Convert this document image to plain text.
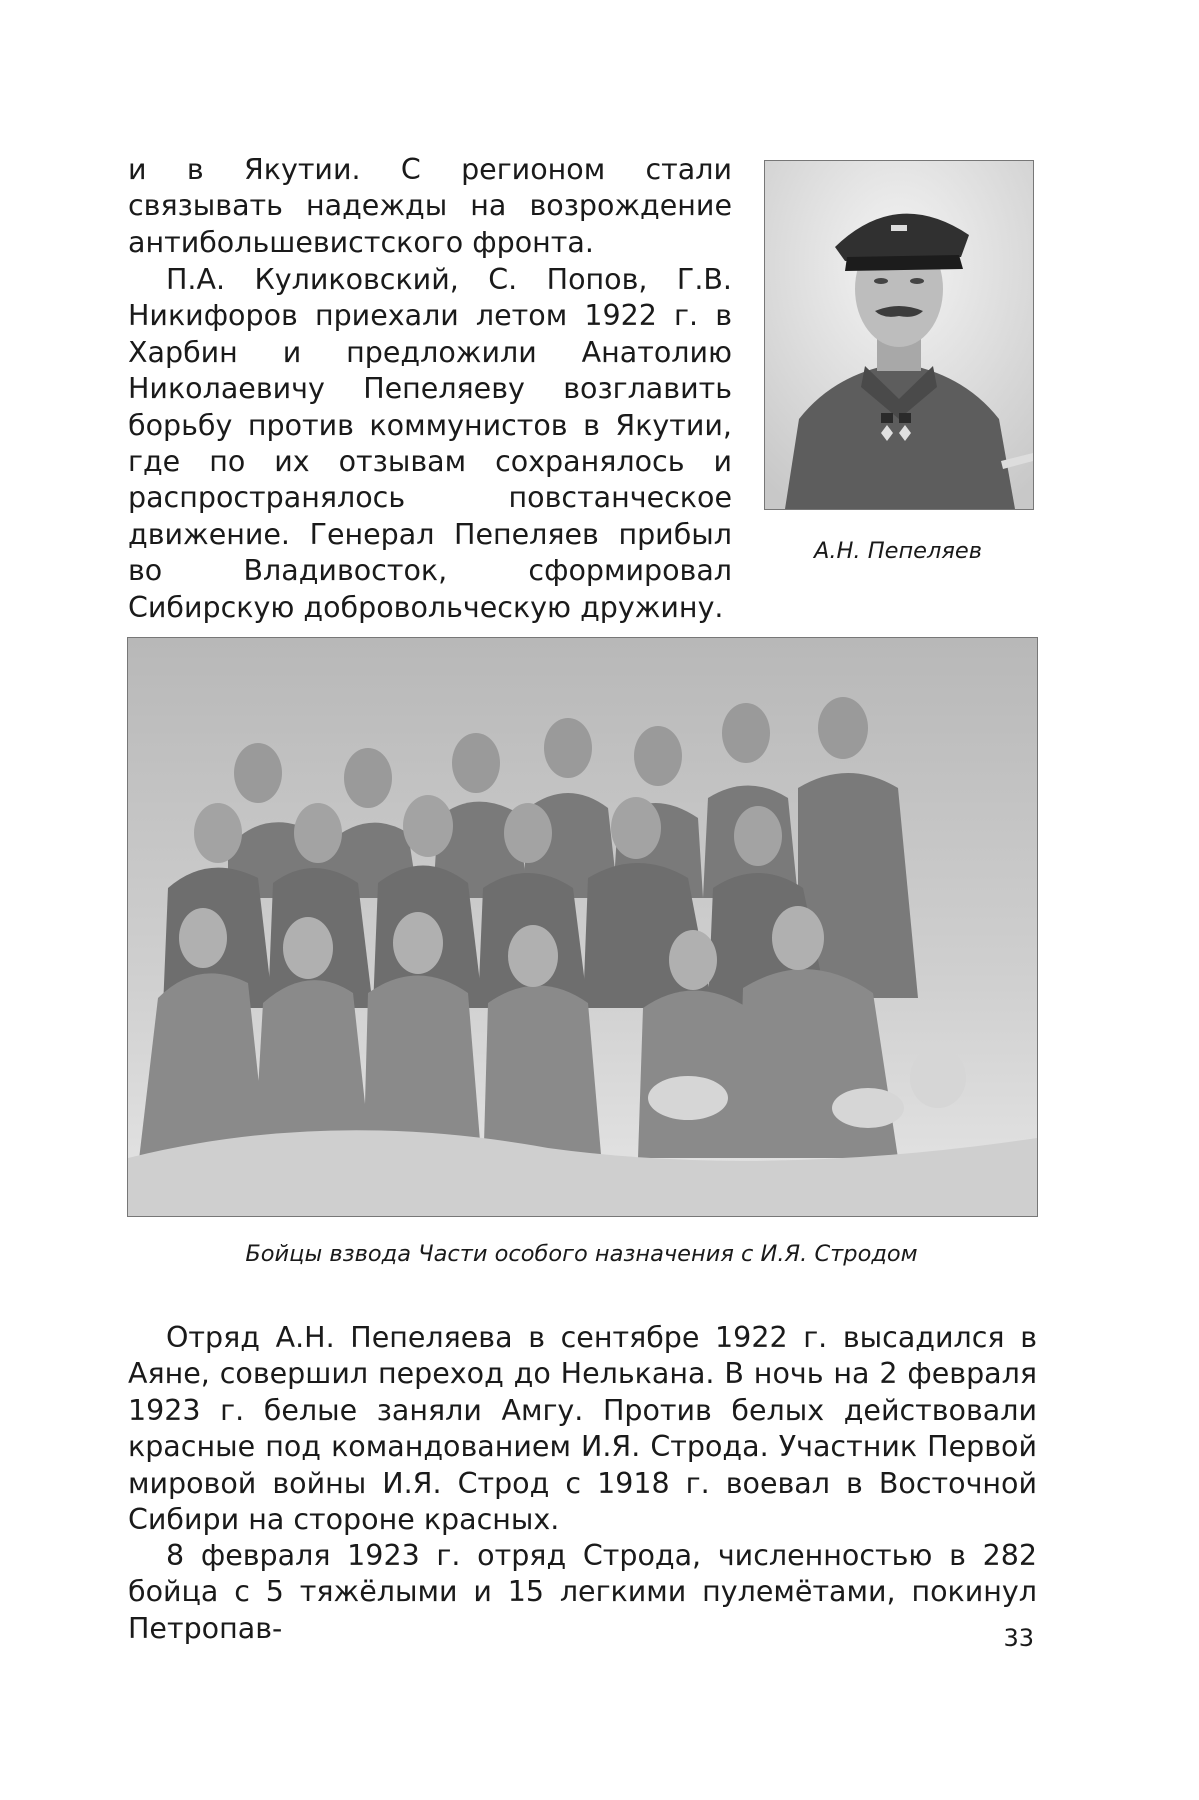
и в Якутии. С регионом стали связывать надежды на возрождение антибольшевистского фронта.

П.А. Куликовский, С. Попов, Г.В. Никифоров приехали летом 1922 г. в Харбин и предложили Анатолию Николаевичу Пепеляеву возглавить борьбу против коммунистов в Якутии, где по их отзывам сохранялось и распространялось повстанческое движение. Генерал Пепеляев прибыл во Владивосток, сформировал Сибирскую добровольческую дружину.

А.Н. Пепеляев

Бойцы взвода Части особого назначения с И.Я. Стродом

Отряд А.Н. Пепеляева в сентябре 1922 г. высадился в Аяне, совершил переход до Нелькана. В ночь на 2 февраля 1923 г. белые заняли Амгу. Против белых действовали красные под командованием И.Я. Строда. Участник Первой мировой войны И.Я. Строд с 1918 г. воевал в Восточной Сибири на стороне красных.

8 февраля 1923 г. отряд Строда, численностью в 282 бойца с 5 тяжёлыми и 15 легкими пулемётами, покинул Петропав-	33
